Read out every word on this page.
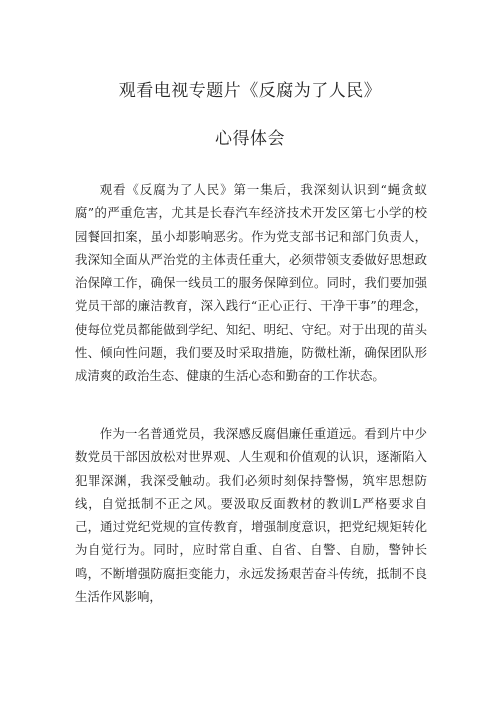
观看电视专题片《反腐为了人民》
心得体会

观看《反腐为了人民》第一集后，我深刻认识到“蝇贪蚁腐”的严重危害，尤其是长春汽车经济技术开发区第七小学的校园餐回扣案，虽小却影响恶劣。作为党支部书记和部门负责人，我深知全面从严治党的主体责任重大，必须带领支委做好思想政治保障工作，确保一线员工的服务保障到位。同时，我们要加强党员干部的廉洁教育，深入践行“正心正行、干净干事”的理念，使每位党员都能做到学纪、知纪、明纪、守纪。对于出现的苗头性、倾向性问题，我们要及时采取措施，防微杜渐，确保团队形成清爽的政治生态、健康的生活心态和勤奋的工作状态。

作为一名普通党员，我深感反腐倡廉任重道远。看到片中少数党员干部因放松对世界观、人生观和价值观的认识，逐渐陷入犯罪深渊，我深受触动。我们必须时刻保持警惕，筑牢思想防线，自觉抵制不正之风。要汲取反面教材的教训L严格要求自己，通过党纪党规的宣传教育，增强制度意识，把党纪规矩转化为自觉行为。同时，应时常自重、自省、自警、自励，警钟长鸣，不断增强防腐拒变能力，永远发扬艰苦奋斗传统，抵制不良生活作风影响，
